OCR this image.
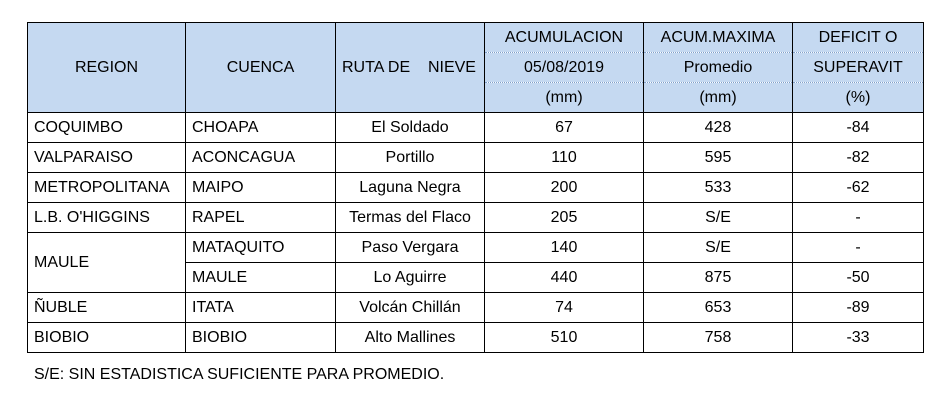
REGION	CUENCA	RUTA DE    NIEVE	ACUMULACION	ACUM.MAXIMA	DEFICIT O
			05/08/2019	Promedio	SUPERAVIT
			(mm)	(mm)	(%)
COQUIMBO	CHOAPA	El Soldado	67	428	-84
VALPARAISO	ACONCAGUA	Portillo	110	595	-82
METROPOLITANA	MAIPO	Laguna Negra	200	533	-62
L.B. O'HIGGINS	RAPEL	Termas del Flaco	205	S/E	-
MAULE	MATAQUITO	Paso Vergara	140	S/E	-
	MAULE	Lo Aguirre	440	875	-50
ÑUBLE	ITATA	Volcán Chillán	74	653	-89
BIOBIO	BIOBIO	Alto Mallines	510	758	-33
S/E: SIN ESTADISTICA SUFICIENTE PARA PROMEDIO.
